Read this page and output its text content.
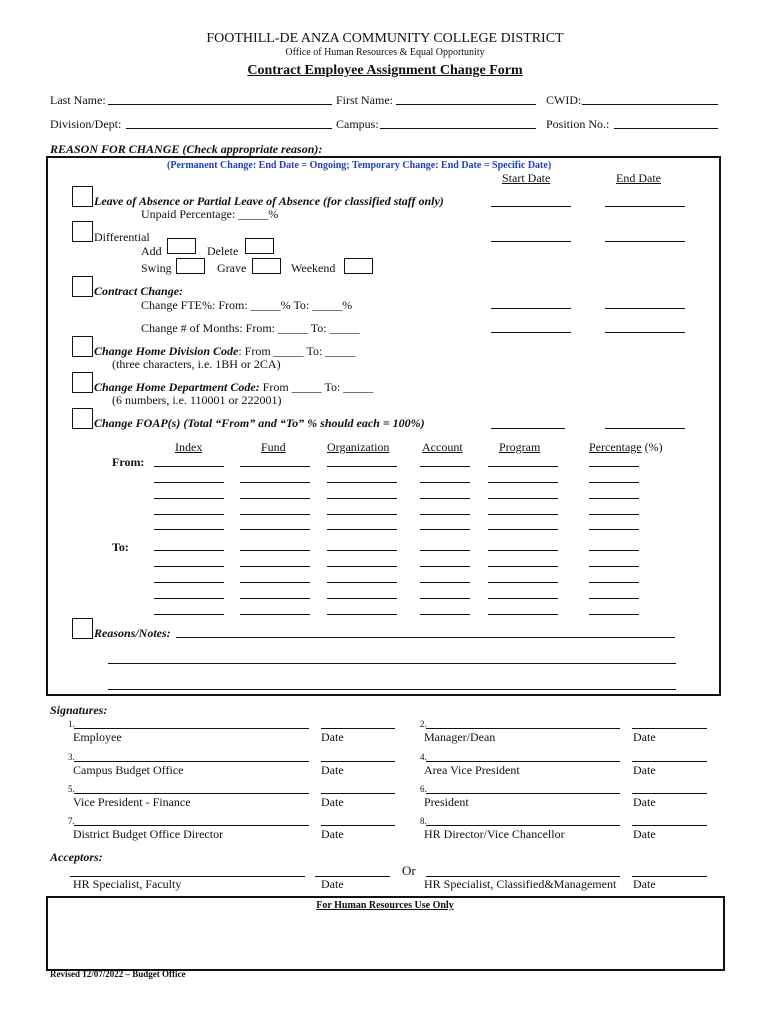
FOOTHILL-DE ANZA COMMUNITY COLLEGE DISTRICT
Office of Human Resources & Equal Opportunity
Contract Employee Assignment Change Form
Last Name:	First Name:	CWID:
Division/Dept:	Campus:	Position No.:
REASON FOR CHANGE (Check appropriate reason):
(Permanent Change: End Date = Ongoing; Temporary Change: End Date = Specific Date)
Start Date	End Date
Leave of Absence or Partial Leave of Absence (for classified staff only)
Unpaid Percentage: _____%
Differential
Add	Delete
Swing	Grave	Weekend
Contract Change:
Change FTE%: From: _____% To: _____%
Change # of Months: From: _____ To: _____
Change Home Division Code: From _____ To: _____
(three characters, i.e. 1BH or 2CA)
Change Home Department Code: From _____ To: _____
(6 numbers, i.e. 110001 or 222001)
Change FOAP(s) (Total “From” and “To” % should each = 100%)
Index	Fund	Organization	Account	Program	Percentage (%)
From:
To:
Reasons/Notes:
Signatures:
1.
Employee	Date
2.
Manager/Dean	Date
3.
Campus Budget Office	Date
4.
Area Vice President	Date
5.
Vice President - Finance	Date
6.
President	Date
7.
District Budget Office Director	Date
8.
HR Director/Vice Chancellor	Date
Acceptors:
Or
HR Specialist, Faculty	Date	HR Specialist, Classified&Management Date
For Human Resources Use Only
Revised 12/07/2022 – Budget Office
